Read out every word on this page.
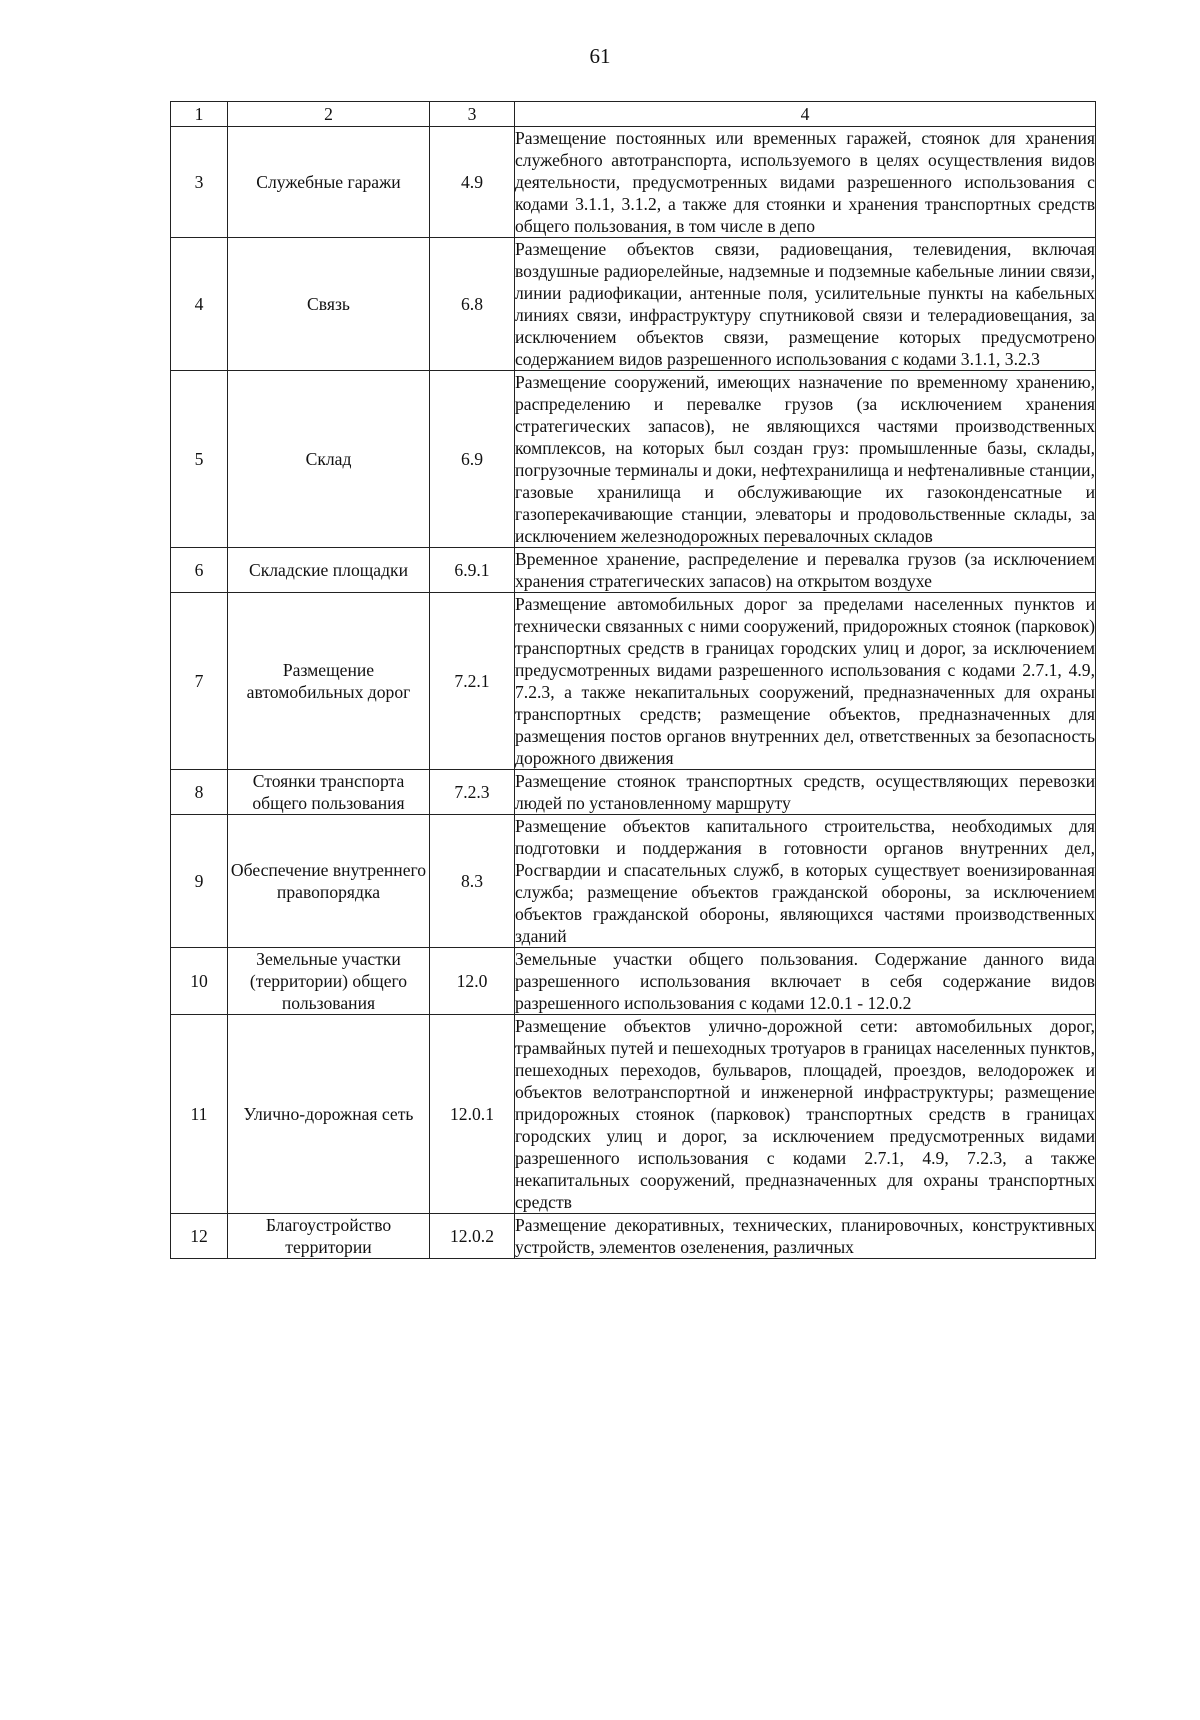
61
1	2	3	4
3	Служебные гаражи	4.9	Размещение постоянных или временных гаражей, стоянок для хранения служебного автотранспорта, используемого в целях осуществления видов деятельности, предусмотренных видами разрешенного использования с кодами 3.1.1, 3.1.2, а также для стоянки и хранения транспортных средств общего пользования, в том числе в депо

4	Связь	6.8	Размещение объектов связи, радиовещания, телевидения, включая воздушные радиорелейные, надземные и подземные кабельные линии связи, линии радиофикации, антенные поля, усилительные пункты на кабельных линиях связи, инфраструктуру спутниковой связи и телерадиовещания, за исключением объектов связи, размещение которых предусмотрено содержанием видов разрешенного использования с кодами 3.1.1, 3.2.3

5	Склад	6.9	Размещение сооружений, имеющих назначение по временному хранению, распределению и перевалке грузов (за исключением хранения стратегических запасов), не являющихся частями производственных комплексов, на которых был создан груз: промышленные базы, склады, погрузочные терминалы и доки, нефтехранилища и нефтеналивные станции, газовые хранилища и обслуживающие их газоконденсатные и газоперекачивающие станции, элеваторы и продовольственные склады, за исключением железнодорожных перевалочных складов

6	Складские площадки	6.9.1	Временное хранение, распределение и перевалка грузов (за исключением хранения стратегических запасов) на открытом воздухе

7	Размещение автомобильных дорог	7.2.1	Размещение автомобильных дорог за пределами населенных пунктов и технически связанных с ними сооружений, придорожных стоянок (парковок) транспортных средств в границах городских улиц и дорог, за исключением предусмотренных видами разрешенного использования с кодами 2.7.1, 4.9, 7.2.3, а также некапитальных сооружений, предназначенных для охраны транспортных средств; размещение объектов, предназначенных для размещения постов органов внутренних дел, ответственных за безопасность дорожного движения

8	Стоянки транспорта общего пользования	7.2.3	Размещение стоянок транспортных средств, осуществляющих перевозки людей по установленному маршруту

9	Обеспечение внутреннего правопорядка	8.3	Размещение объектов капитального строительства, необходимых для подготовки и поддержания в готовности органов внутренних дел, Росгвардии и спасательных служб, в которых существует военизированная служба; размещение объектов гражданской обороны, за исключением объектов гражданской обороны, являющихся частями производственных зданий

10	Земельные участки (территории) общего пользования	12.0	Земельные участки общего пользования. Содержание данного вида разрешенного использования включает в себя содержание видов разрешенного использования с кодами 12.0.1 - 12.0.2

11	Улично-дорожная сеть	12.0.1	Размещение объектов улично-дорожной сети: автомобильных дорог, трамвайных путей и пешеходных тротуаров в границах населенных пунктов, пешеходных переходов, бульваров, площадей, проездов, велодорожек и объектов велотранспортной и инженерной инфраструктуры; размещение придорожных стоянок (парковок) транспортных средств в границах городских улиц и дорог, за исключением предусмотренных видами разрешенного использования с кодами 2.7.1, 4.9, 7.2.3, а также некапитальных сооружений, предназначенных для охраны транспортных средств

12	Благоустройство территории	12.0.2	Размещение декоративных, технических, планировочных, конструктивных устройств, элементов озеленения, различных
